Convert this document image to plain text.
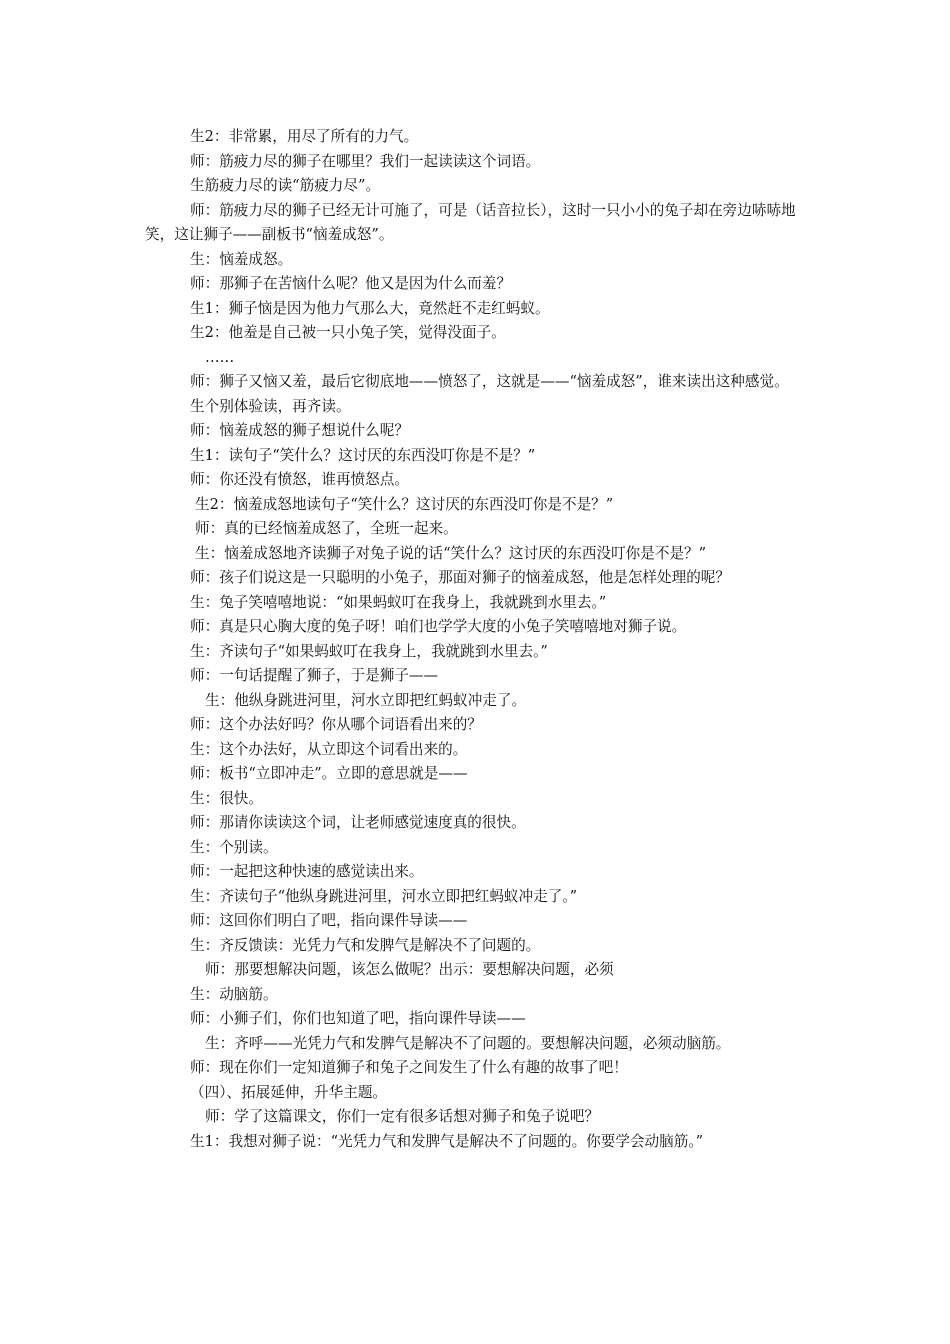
生2：非常累，用尽了所有的力气。

师：筋疲力尽的狮子在哪里？我们一起读读这个词语。

生筋疲力尽的读“筋疲力尽”。

师：筋疲力尽的狮子已经无计可施了，可是（话音拉长），这时一只小小的兔子却在旁边哧哧地笑，这让狮子——副板书“恼羞成怒”。

生：恼羞成怒。

师：那狮子在苦恼什么呢？他又是因为什么而羞？

生1：狮子恼是因为他力气那么大，竟然赶不走红蚂蚁。

生2：他羞是自己被一只小兔子笑，觉得没面子。

……

师：狮子又恼又羞，最后它彻底地——愤怒了，这就是——“恼羞成怒”，谁来读出这种感觉。

生个别体验读，再齐读。

师：恼羞成怒的狮子想说什么呢？

生1：读句子“笑什么？这讨厌的东西没叮你是不是？”

师：你还没有愤怒，谁再愤怒点。

生2：恼羞成怒地读句子“笑什么？这讨厌的东西没叮你是不是？”

师：真的已经恼羞成怒了，全班一起来。

生：恼羞成怒地齐读狮子对兔子说的话“笑什么？这讨厌的东西没叮你是不是？”

师：孩子们说这是一只聪明的小兔子，那面对狮子的恼羞成怒，他是怎样处理的呢？

生：兔子笑嘻嘻地说：“如果蚂蚁叮在我身上，我就跳到水里去。”

师：真是只心胸大度的兔子呀！咱们也学学大度的小兔子笑嘻嘻地对狮子说。

生：齐读句子“如果蚂蚁叮在我身上，我就跳到水里去。”

师：一句话提醒了狮子，于是狮子——

生：他纵身跳进河里，河水立即把红蚂蚁冲走了。

师：这个办法好吗？你从哪个词语看出来的？

生：这个办法好，从立即这个词看出来的。

师：板书“立即冲走”。立即的意思就是——

生：很快。

师：那请你读读这个词，让老师感觉速度真的很快。

生：个别读。

师：一起把这种快速的感觉读出来。

生：齐读句子“他纵身跳进河里，河水立即把红蚂蚁冲走了。”

师：这回你们明白了吧，指向课件导读——

生：齐反馈读：光凭力气和发脾气是解决不了问题的。

师：那要想解决问题，该怎么做呢？出示：要想解决问题，必须

生：动脑筋。

师：小狮子们，你们也知道了吧，指向课件导读——

生：齐呼——光凭力气和发脾气是解决不了问题的。要想解决问题，必须动脑筋。

师：现在你们一定知道狮子和兔子之间发生了什么有趣的故事了吧！

（四）、拓展延伸，升华主题。

师：学了这篇课文，你们一定有很多话想对狮子和兔子说吧？

生1：我想对狮子说：“光凭力气和发脾气是解决不了问题的。你要学会动脑筋。”
